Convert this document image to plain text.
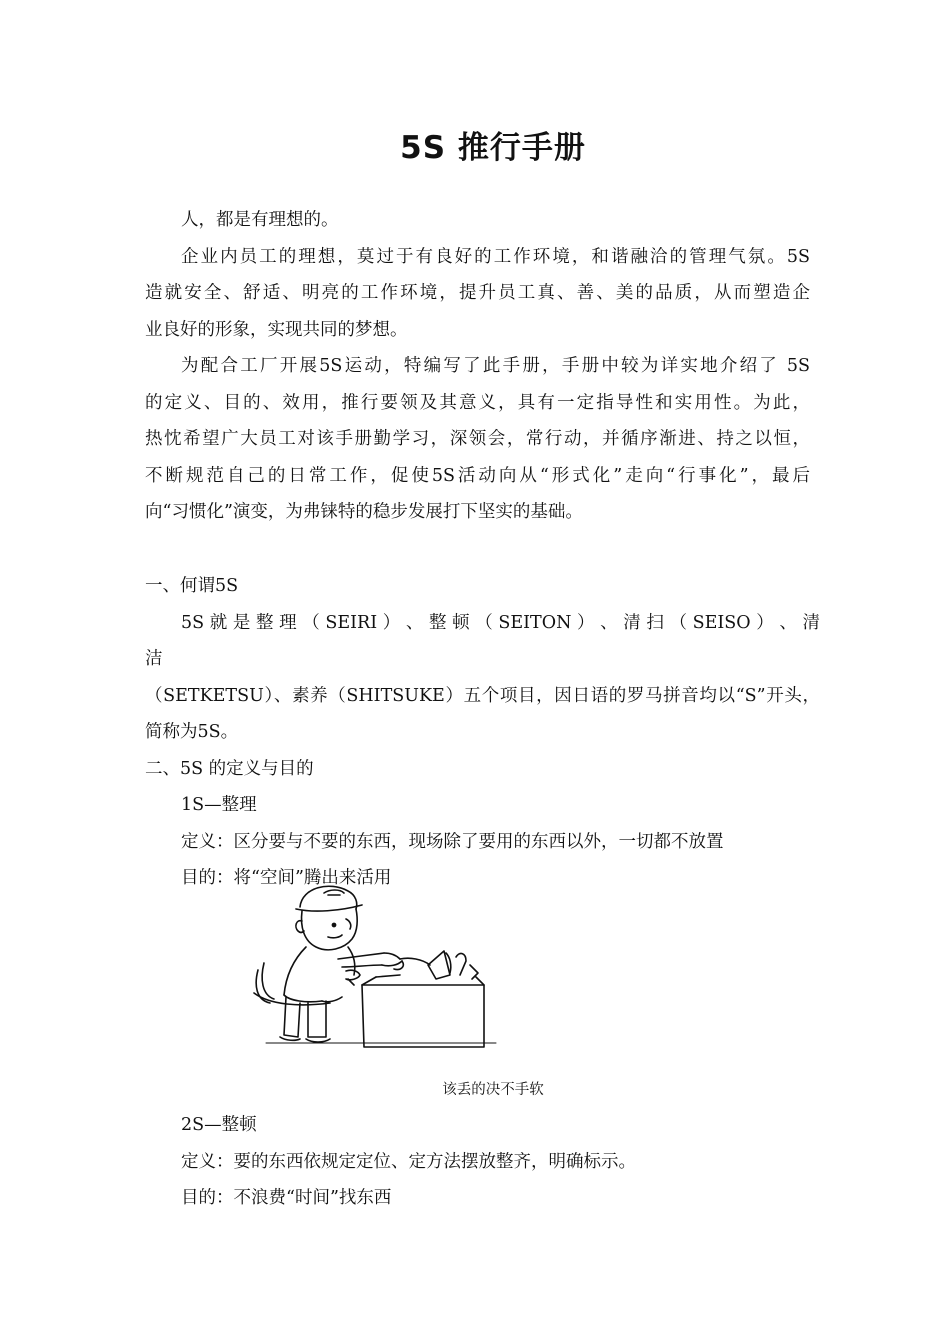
5S 推行手册

人，都是有理想的。

企业内员工的理想，莫过于有良好的工作环境，和谐融洽的管理气氛。5S

造就安全、舒适、明亮的工作环境，提升员工真、善、美的品质，从而塑造企

业良好的形象，实现共同的梦想。

为配合工厂开展5S运动，特编写了此手册，手册中较为详实地介绍了 5S

的定义、目的、效用，推行要领及其意义，具有一定指导性和实用性。为此，

热忱希望广大员工对该手册勤学习，深领会，常行动，并循序渐进、持之以恒，

不断规范自己的日常工作，促使5S活动向从“形式化”走向“行事化”，最后

向“习惯化”演变，为弗铼特的稳步发展打下坚实的基础。

一、何谓5S

5S 就 是 整 理 （ SEIRI ） 、 整 顿 （ SEITON ） 、 清 扫 （ SEISO ） 、 清 洁

（SETKETSU）、素养（SHITSUKE）五个项目，因日语的罗马拼音均以“S”开头，

简称为5S。

二、5S 的定义与目的

1S—整理

定义：区分要与不要的东西，现场除了要用的东西以外，一切都不放置

目的：将“空间”腾出来活用

该丢的决不手软

2S—整顿

定义：要的东西依规定定位、定方法摆放整齐，明确标示。

目的：不浪费“时间”找东西
